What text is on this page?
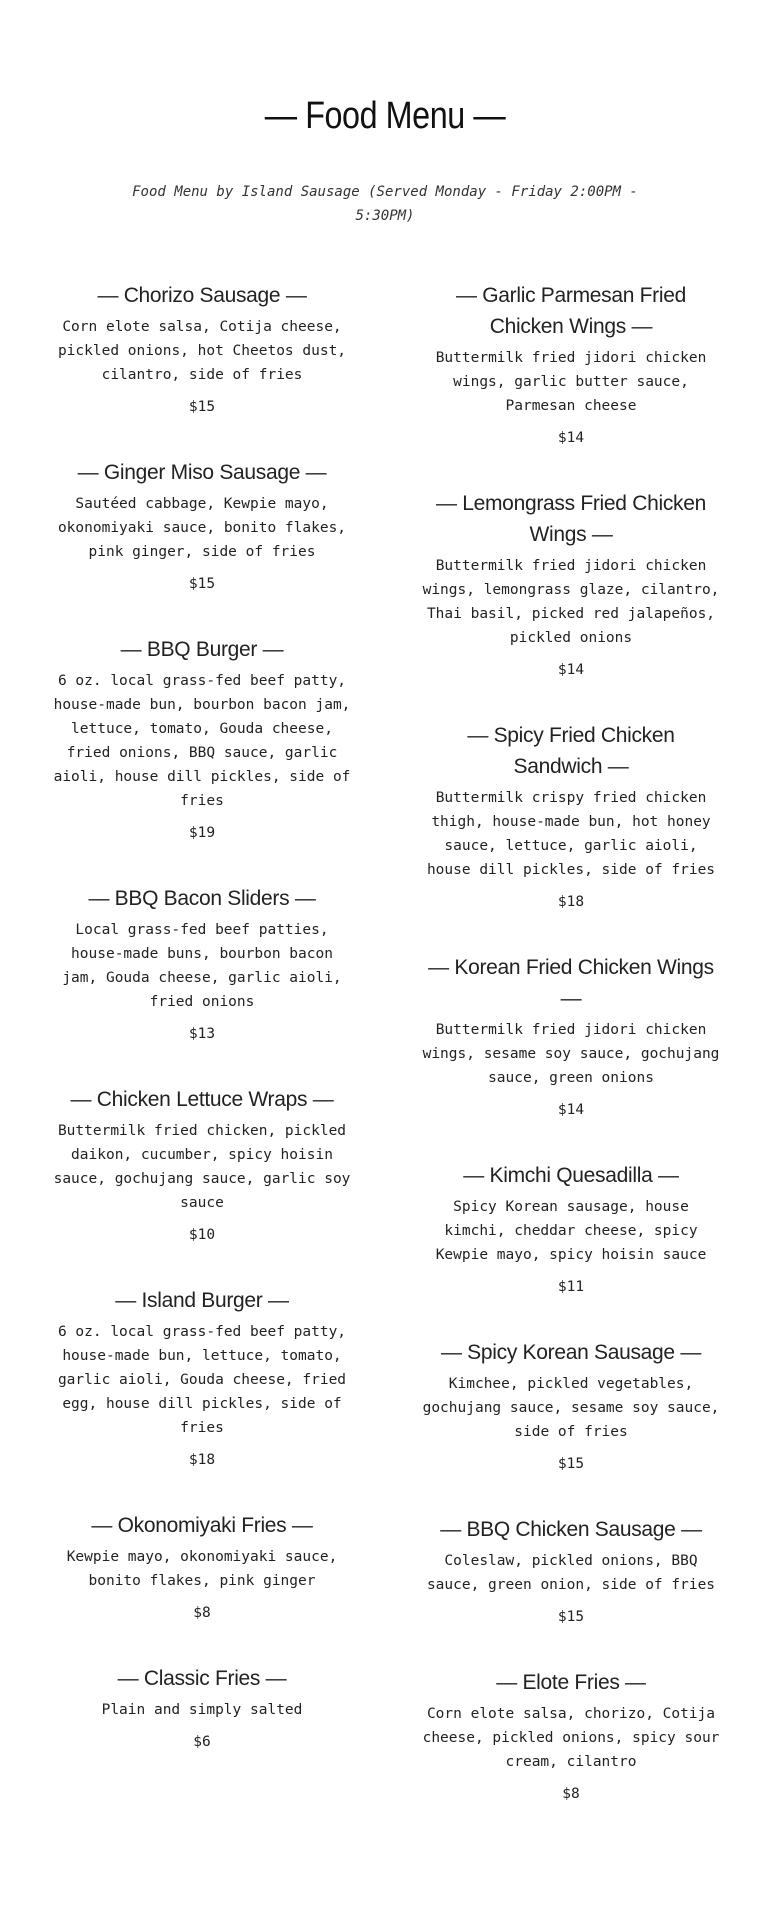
— Food Menu —

Food Menu by Island Sausage (Served Monday - Friday 2:00PM - 5:30PM)

— Chorizo Sausage —
Corn elote salsa, Cotija cheese, pickled onions, hot Cheetos dust, cilantro, side of fries
$15
— Ginger Miso Sausage —
Sautéed cabbage, Kewpie mayo, okonomiyaki sauce, bonito flakes, pink ginger, side of fries
$15
— BBQ Burger —
6 oz. local grass-fed beef patty, house-made bun, bourbon bacon jam, lettuce, tomato, Gouda cheese, fried onions, BBQ sauce, garlic aioli, house dill pickles, side of fries
$19
— BBQ Bacon Sliders —
Local grass-fed beef patties, house-made buns, bourbon bacon jam, Gouda cheese, garlic aioli, fried onions
$13
— Chicken Lettuce Wraps —
Buttermilk fried chicken, pickled daikon, cucumber, spicy hoisin sauce, gochujang sauce, garlic soy sauce
$10
— Island Burger —
6 oz. local grass-fed beef patty, house-made bun, lettuce, tomato, garlic aioli, Gouda cheese, fried egg, house dill pickles, side of fries
$18
— Okonomiyaki Fries —
Kewpie mayo, okonomiyaki sauce, bonito flakes, pink ginger
$8
— Classic Fries —
Plain and simply salted
$6
— Garlic Parmesan Fried Chicken Wings —
Buttermilk fried jidori chicken wings, garlic butter sauce, Parmesan cheese
$14
— Lemongrass Fried Chicken Wings —
Buttermilk fried jidori chicken wings, lemongrass glaze, cilantro, Thai basil, picked red jalapeños, pickled onions
$14
— Spicy Fried Chicken Sandwich —
Buttermilk crispy fried chicken thigh, house-made bun, hot honey sauce, lettuce, garlic aioli, house dill pickles, side of fries
$18
— Korean Fried Chicken Wings —
Buttermilk fried jidori chicken wings, sesame soy sauce, gochujang sauce, green onions
$14
— Kimchi Quesadilla —
Spicy Korean sausage, house kimchi, cheddar cheese, spicy Kewpie mayo, spicy hoisin sauce
$11
— Spicy Korean Sausage —
Kimchee, pickled vegetables, gochujang sauce, sesame soy sauce, side of fries
$15
— BBQ Chicken Sausage —
Coleslaw, pickled onions, BBQ sauce, green onion, side of fries
$15
— Elote Fries —
Corn elote salsa, chorizo, Cotija cheese, pickled onions, spicy sour cream, cilantro
$8
